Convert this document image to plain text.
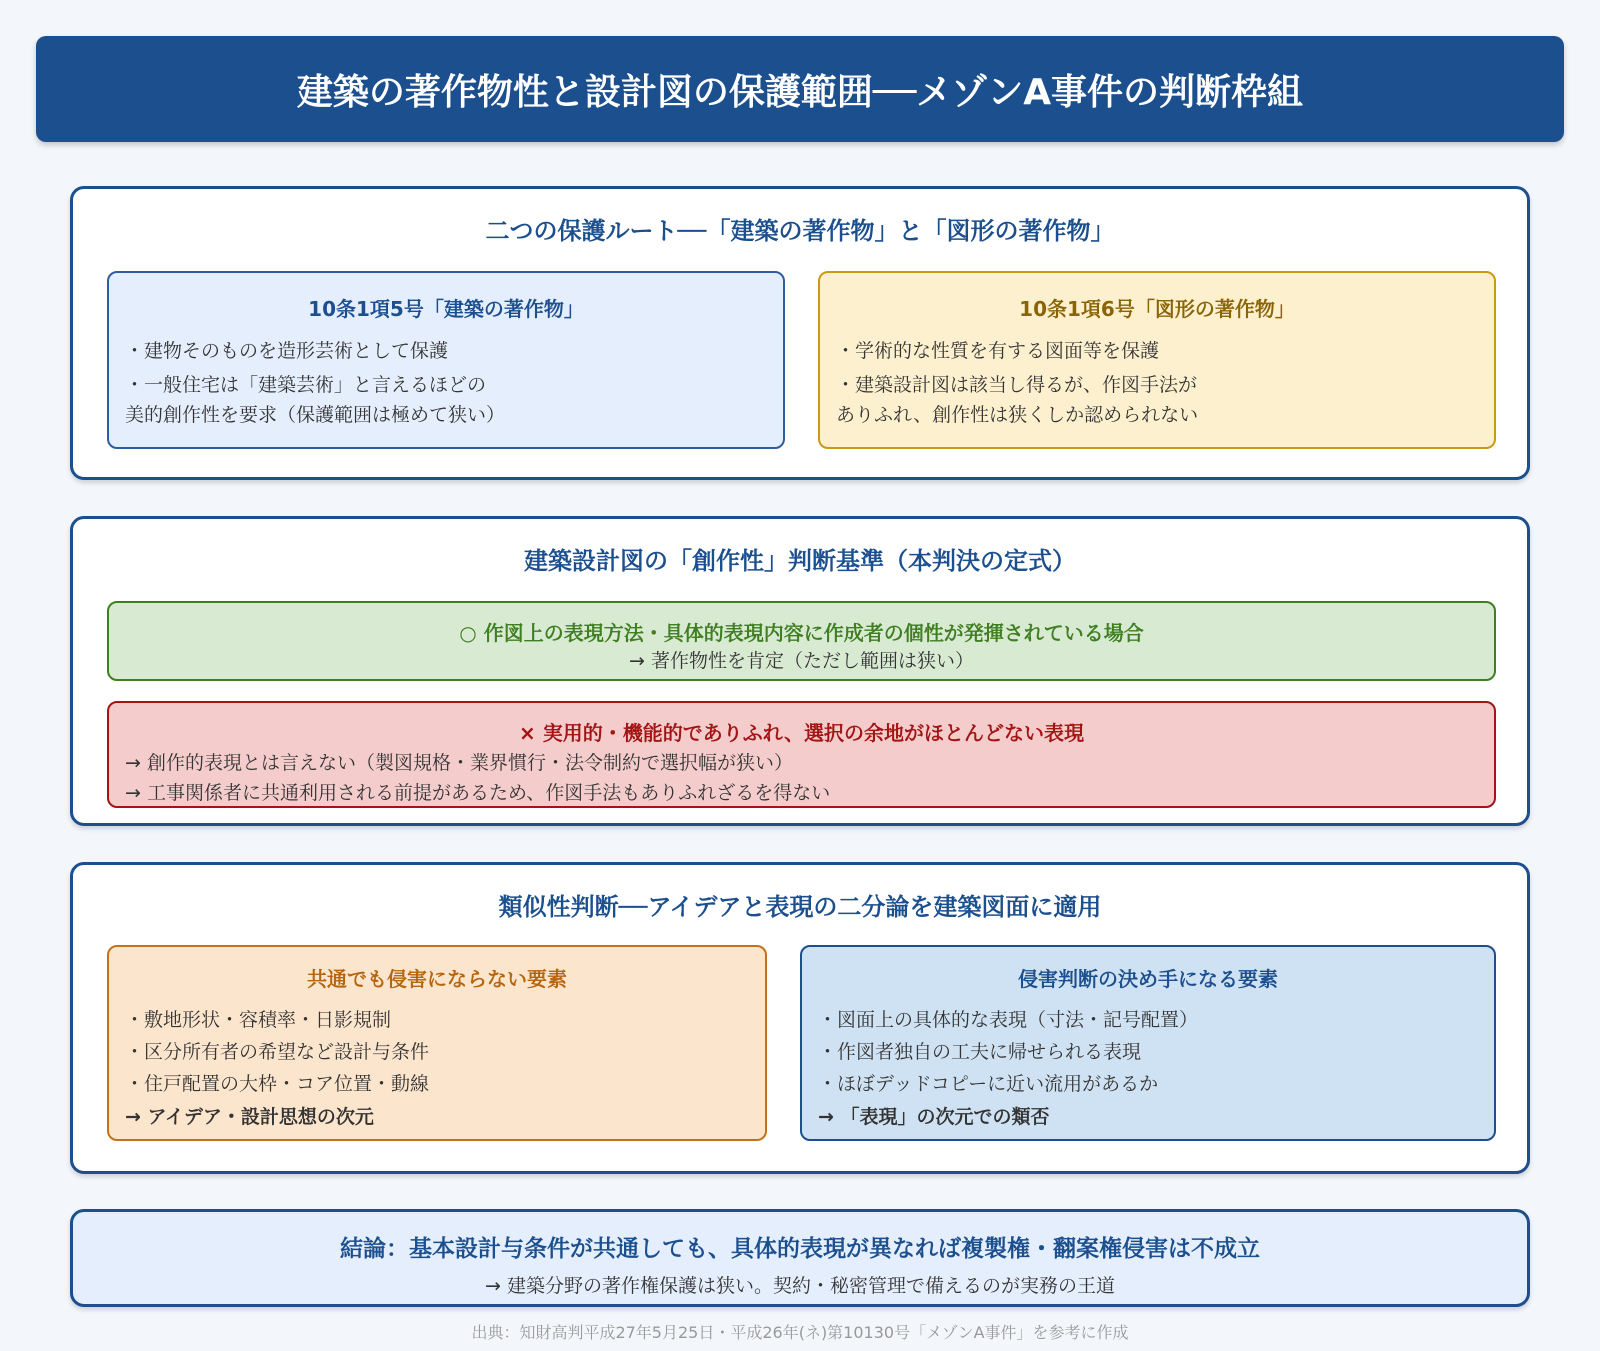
建築の著作物性と設計図の保護範囲──メゾンA事件の判断枠組
二つの保護ルート──「建築の著作物」と「図形の著作物」
10条1項5号「建築の著作物」

・建物そのものを造形芸術として保護

・一般住宅は「建築芸術」と言えるほどの

美的創作性を要求（保護範囲は極めて狭い）

10条1項6号「図形の著作物」

・学術的な性質を有する図面等を保護

・建築設計図は該当し得るが、作図手法が

ありふれ、創作性は狭くしか認められない

建築設計図の「創作性」判断基準（本判決の定式）
○ 作図上の表現方法・具体的表現内容に作成者の個性が発揮されている場合

→ 著作物性を肯定（ただし範囲は狭い）

× 実用的・機能的でありふれ、選択の余地がほとんどない表現

→ 創作的表現とは言えない（製図規格・業界慣行・法令制約で選択幅が狭い）

→ 工事関係者に共通利用される前提があるため、作図手法もありふれざるを得ない

類似性判断──アイデアと表現の二分論を建築図面に適用
共通でも侵害にならない要素

・敷地形状・容積率・日影規制

・区分所有者の希望など設計与条件

・住戸配置の大枠・コア位置・動線

→ アイデア・設計思想の次元

侵害判断の決め手になる要素

・図面上の具体的な表現（寸法・記号配置）

・作図者独自の工夫に帰せられる表現

・ほぼデッドコピーに近い流用があるか

→ 「表現」の次元での類否

結論：基本設計与条件が共通しても、具体的表現が異なれば複製権・翻案権侵害は不成立

→ 建築分野の著作権保護は狭い。契約・秘密管理で備えるのが実務の王道

出典：知財高判平成27年5月25日・平成26年(ネ)第10130号「メゾンA事件」を参考に作成
